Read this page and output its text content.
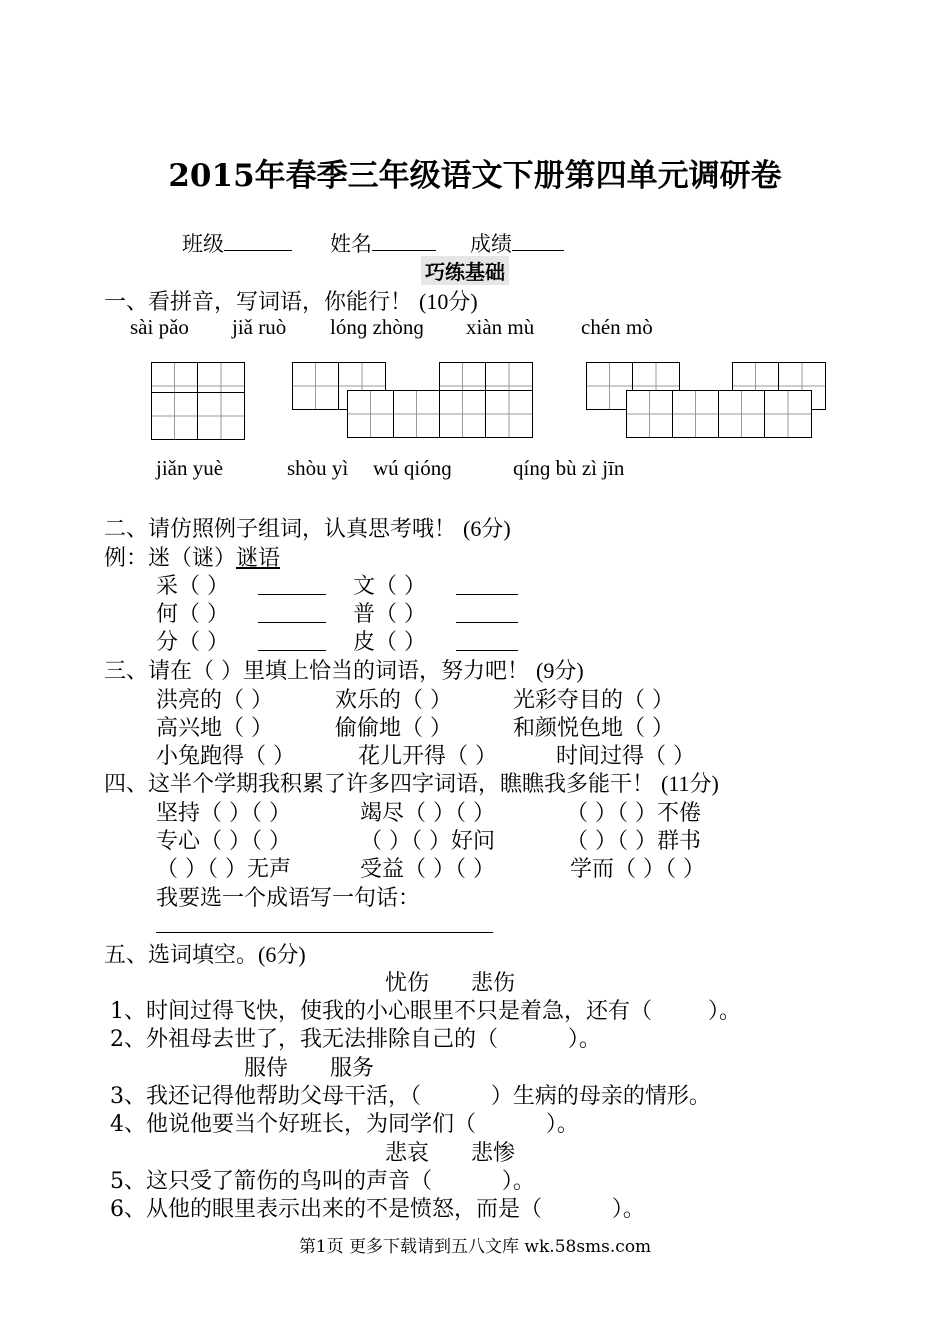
2015年春季三年级语文下册第四单元调研卷
班级	姓名	成绩
巧练基础
一、看拼音，写词语，你能行！ (10分)
sài pǎo jiǎ ruò lónɡ zhònɡ xiàn mù chén mò
jiǎn yuè	shòu yì wú qiónɡ	qínɡ bù zì jīn
二、请仿照例子组词，认真思考哦！ (6分)
例：迷（谜）谜语
采（ ）	文（ ）
何（ ）	普（ ）
分（ ）	皮（ ）
三、请在（ ）里填上恰当的词语，努力吧！ (9分)
洪亮的（ ）	欢乐的（ ）	光彩夺目的（ ）
高兴地（ ）	偷偷地（ ）	和颜悦色地（ ）
小兔跑得（ ）	花儿开得（ ）	时间过得（ ）
四、这半个学期我积累了许多四字词语，瞧瞧我多能干！ (11分)
坚持（ ）（ ）	竭尽（ ）（ ）	（ ）（ ）不倦
专心（ ）（ ）	（ ）（ ）好问	（ ）（ ）群书
（ ）（ ）无声	受益（ ）（ ）	学而（ ）（ ）
我要选一个成语写一句话：
五、选词填空。(6分)
忧伤      悲伤
1、时间过得飞快，使我的小心眼里不只是着急，还有（        ）。
2、外祖母去世了，我无法排除自己的（          ）。
服侍      服务
3、我还记得他帮助父母干活，（          ）生病的母亲的情形。
4、他说他要当个好班长，为同学们（          ）。
悲哀      悲惨
5、这只受了箭伤的鸟叫的声音（          ）。
6、从他的眼里表示出来的不是愤怒，而是（          ）。
第1页 更多下载请到五八文库 wk.58sms.com
